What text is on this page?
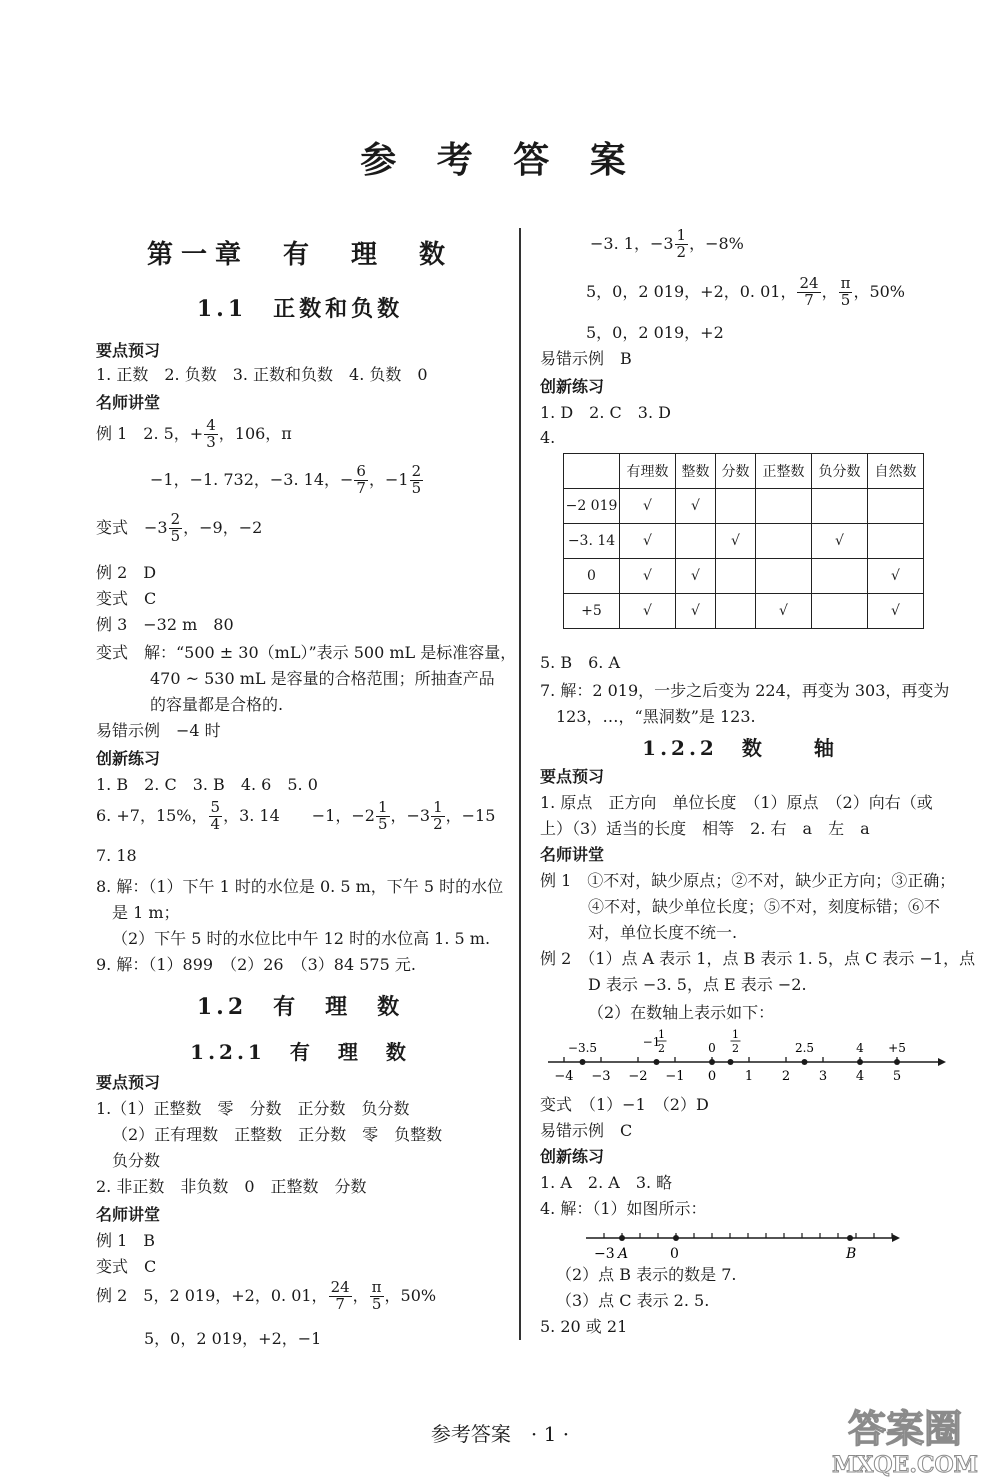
参 考 答 案
第一章　有　理　数
1.1　正数和负数
要点预习
1. 正数　2. 负数　3. 正数和负数　4. 负数　0
名师讲堂
例 1　2. 5，+ $\frac{4}{3}$ ，106，π
−1，−1. 732，−3. 14，− $\frac{6}{7}$ ，$-1 \frac{2}{5}$
变式　$-3 \frac{2}{5}$ ，−9，−2
例 2　D
变式　C
例 3　−32 m　80
变式　解：“500 ± 30（mL）”表示 500 mL 是标准容量，
470 ~ 530 mL 是容量的合格范围；所抽查产品
的容量都是合格的.
易错示例　−4 时
创新练习
1. B　2. C　3. B　4. 6　5. 0
6. +7，15%， $\frac{5}{4}$ ，3. 14　　−1，$-2 \frac{1}{5}$ ，$-3 \frac{1}{2}$ ，−15
7. 18
8. 解：（1）下午 1 时的水位是 0. 5 m，下午 5 时的水位
是 1 m；
（2）下午 5 时的水位比中午 12 时的水位高 1. 5 m.
9. 解：（1）899　（2）26　（3）84 575 元.
1.2　有　理　数
1.2.1　有　理　数
要点预习
1.（1）正整数　零　分数　正分数　负分数
（2）正有理数　正整数　正分数　零　负整数
负分数
2. 非正数　非负数　0　正整数　分数
名师讲堂
例 1　B
变式　C
例 2　5，2 019，+2，0. 01， $\frac{24}{7}$ ， $\frac{\pi}{5}$ ，50%
5，0，2 019，+2，−1
−3. 1，$-3 \frac{1}{2}$ ，−8%
5，0，2 019，+2，0. 01， $\frac{24}{7}$ ， $\frac{\pi}{5}$ ，50%
5，0，2 019，+2
易错示例　B
创新练习
1. D　2. C　3. D
4.
	有理数	整数	分数	正整数	负分数	自然数
−2 019	√	√				
−3. 14	√		√		√	
0	√	√				√
+5	√	√		√		√
5. B　6. A
7. 解：2 019，一步之后变为 224，再变为 303，再变为
123，…，“黑洞数”是 123.
1.2.2　数　　轴
要点预习
1. 原点　正方向　单位长度　（1）原点　（2）向右（或
上）（3）适当的长度　相等　2. 右　a　左　a
名师讲堂
例 1　①不对，缺少原点；②不对，缺少正方向；③正确；
④不对，缺少单位长度；⑤不对，刻度标错；⑥不
对，单位长度不统一.
例 2　（1）点 A 表示 1，点 B 表示 1. 5，点 C 表示 −1，点
D 表示 −3. 5，点 E 表示 −2.
（2）在数轴上表示如下：
−4 −3 −2 −1 0 1 2 3 4 5
−3.5	−1
1
2	0
1
2	2.5	4 +5
变式　（1）−1　（2）D
易错示例　C
创新练习
1. A　2. A　3. 略
4. 解：（1）如图所示：
−3 A	0	B
（2）点 B 表示的数是 7.
（3）点 C 表示 2. 5.
5. 20 或 21
参考答案　· 1 ·	答案圈
MXQE.COM
